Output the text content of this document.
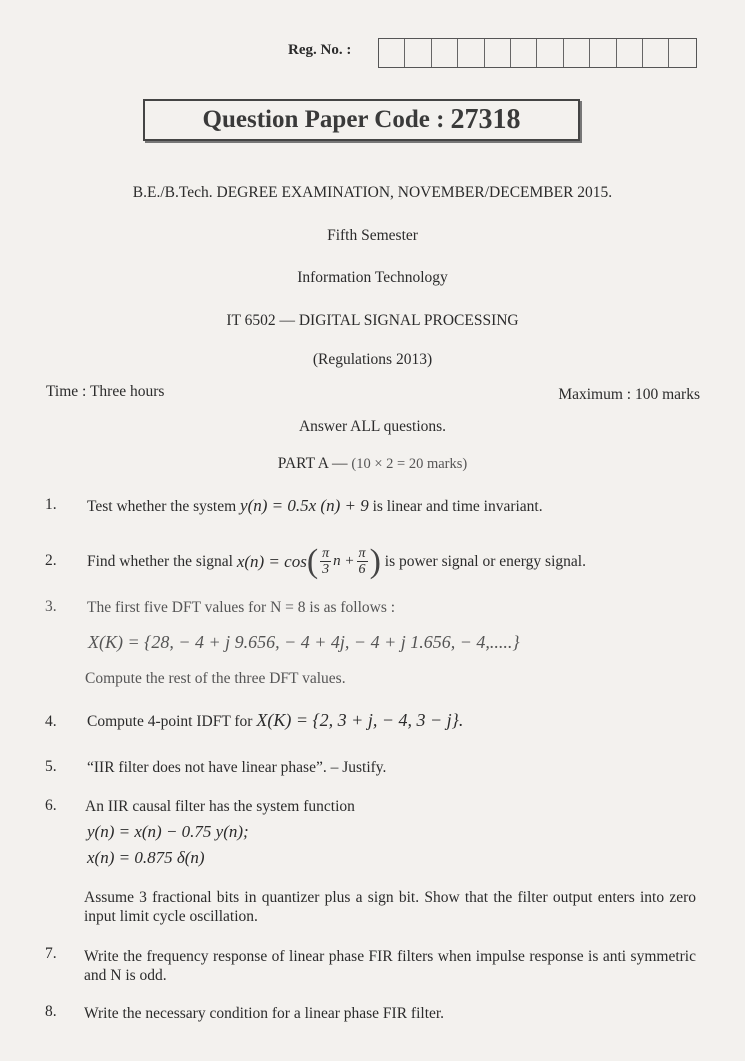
Reg. No. :
Question Paper Code : 27318
B.E./B.Tech. DEGREE EXAMINATION, NOVEMBER/DECEMBER 2015.
Fifth Semester
Information Technology
IT 6502 — DIGITAL SIGNAL PROCESSING
(Regulations 2013)
Time : Three hours	Maximum : 100 marks
Answer ALL questions.
PART A — (10 × 2 = 20 marks)
1. Test whether the system y(n) = 0.5x (n) + 9 is linear and time invariant.
2. Find whether the signal
x(n) = cos ( $\frac{\pi}{3}$ $n + \frac{\pi}{6}$ )
is power signal or energy signal.
3. The first five DFT values for N = 8 is as follows :
X(K) = {28, − 4 + j 9.656, − 4 + 4j, − 4 + j 1.656, − 4,.....}
Compute the rest of the three DFT values.
4. Compute 4-point IDFT for X(K) = {2, 3 + j, − 4, 3 − j}.
5. “IIR filter does not have linear phase”. – Justify.
6. An IIR causal filter has the system function
y(n) = x(n) − 0.75 y(n);
x(n) = 0.875 δ(n)
Assume 3 fractional bits in quantizer plus a sign bit. Show that the filter output enters into zero input limit cycle oscillation.
7. Write the frequency response of linear phase FIR filters when impulse response is anti symmetric and N is odd.
8. Write the necessary condition for a linear phase FIR filter.
